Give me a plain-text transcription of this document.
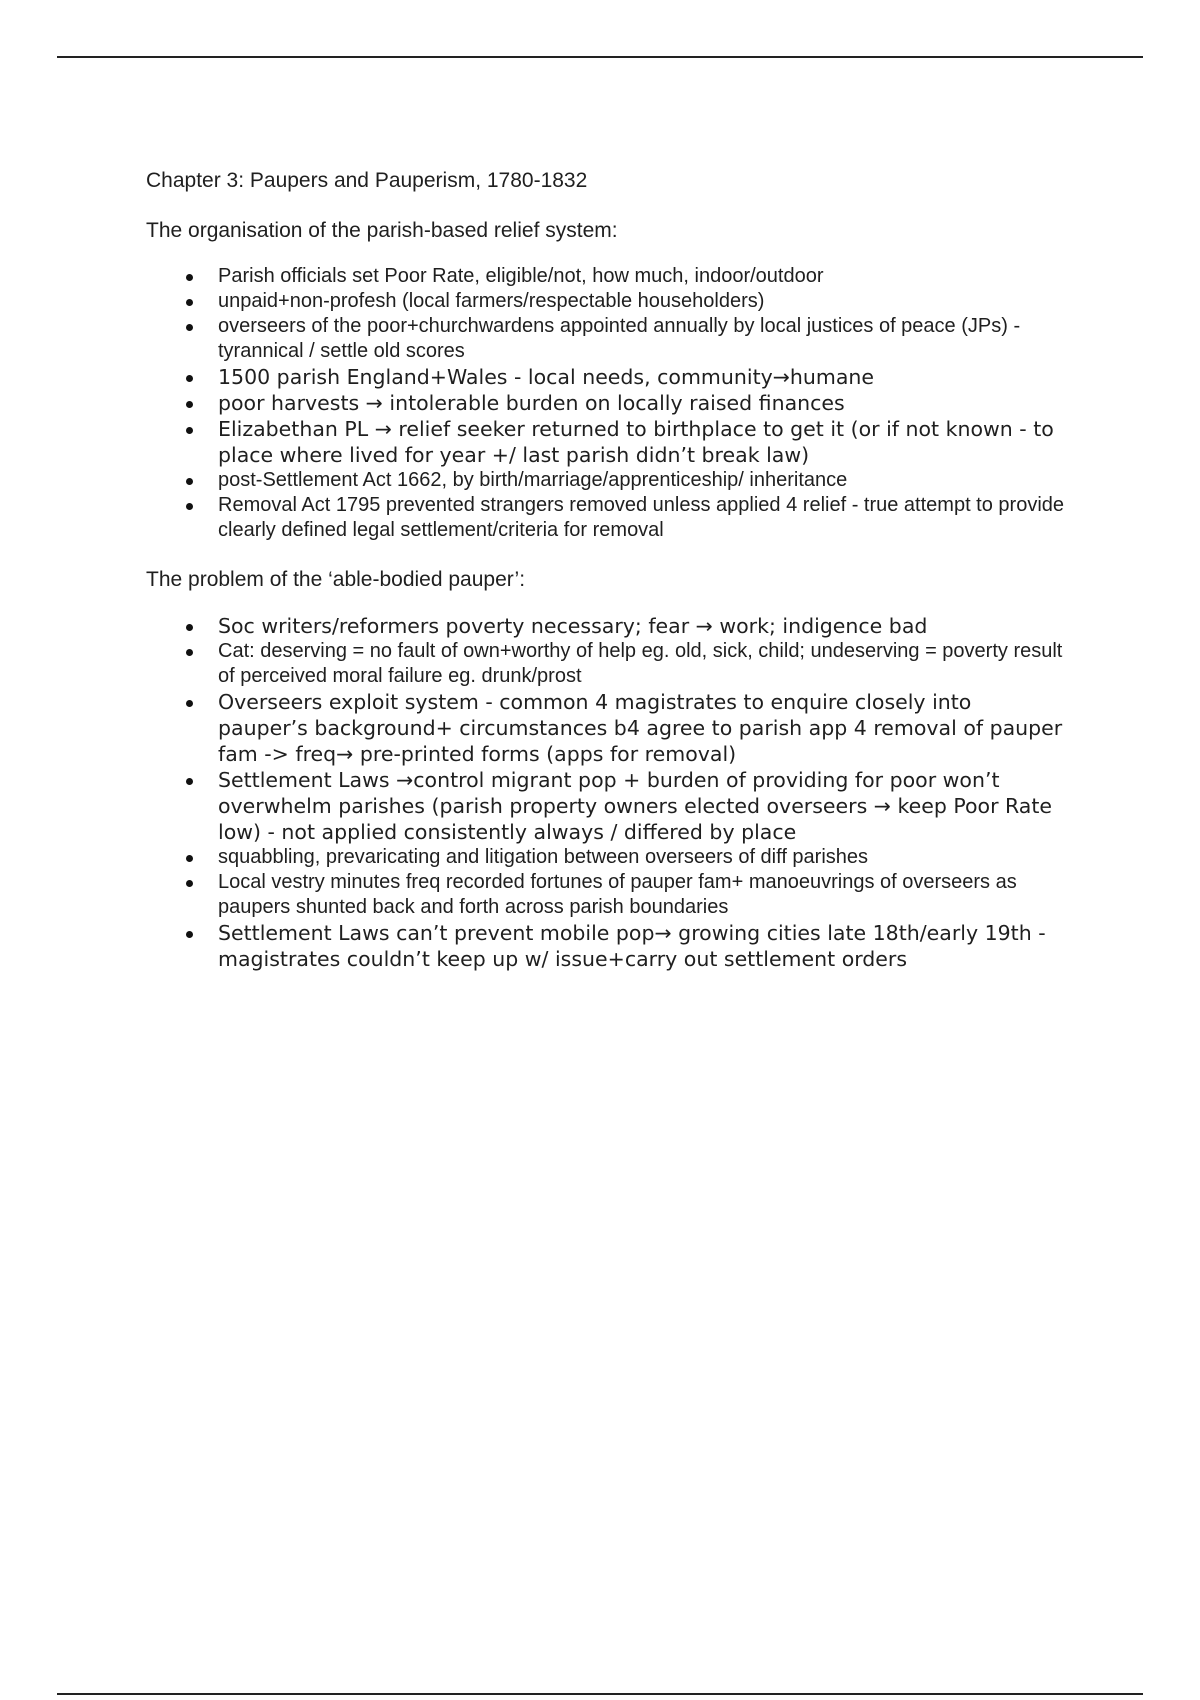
Chapter 3: Paupers and Pauperism, 1780-1832

The organisation of the parish-based relief system:

Parish officials set Poor Rate, eligible/not, how much, indoor/outdoor
unpaid+non-profesh (local farmers/respectable householders)
overseers of the poor+churchwardens appointed annually by local justices of peace (JPs) - tyrannical / settle old scores
1500 parish England+Wales - local needs, community→humane
poor harvests → intolerable burden on locally raised finances
Elizabethan PL → relief seeker returned to birthplace to get it (or if not known - to place where lived for year +/ last parish didn’t break law)
post-Settlement Act 1662, by birth/marriage/apprenticeship/ inheritance
Removal Act 1795 prevented strangers removed unless applied 4 relief - true attempt to provide clearly defined legal settlement/criteria for removal

The problem of the ‘able-bodied pauper’:

Soc writers/reformers poverty necessary; fear → work; indigence bad
Cat: deserving = no fault of own+worthy of help eg. old, sick, child; undeserving = poverty result of perceived moral failure eg. drunk/prost
Overseers exploit system - common 4 magistrates to enquire closely into pauper’s background+ circumstances b4 agree to parish app 4 removal of pauper fam -> freq→ pre-printed forms (apps for removal)
Settlement Laws →control migrant pop + burden of providing for poor won’t overwhelm parishes (parish property owners elected overseers → keep Poor Rate low) - not applied consistently always / differed by place
squabbling, prevaricating and litigation between overseers of diff parishes
Local vestry minutes freq recorded fortunes of pauper fam+ manoeuvrings of overseers as paupers shunted back and forth across parish boundaries
Settlement Laws can’t prevent mobile pop→ growing cities late 18th/early 19th - magistrates couldn’t keep up w/ issue+carry out settlement orders
